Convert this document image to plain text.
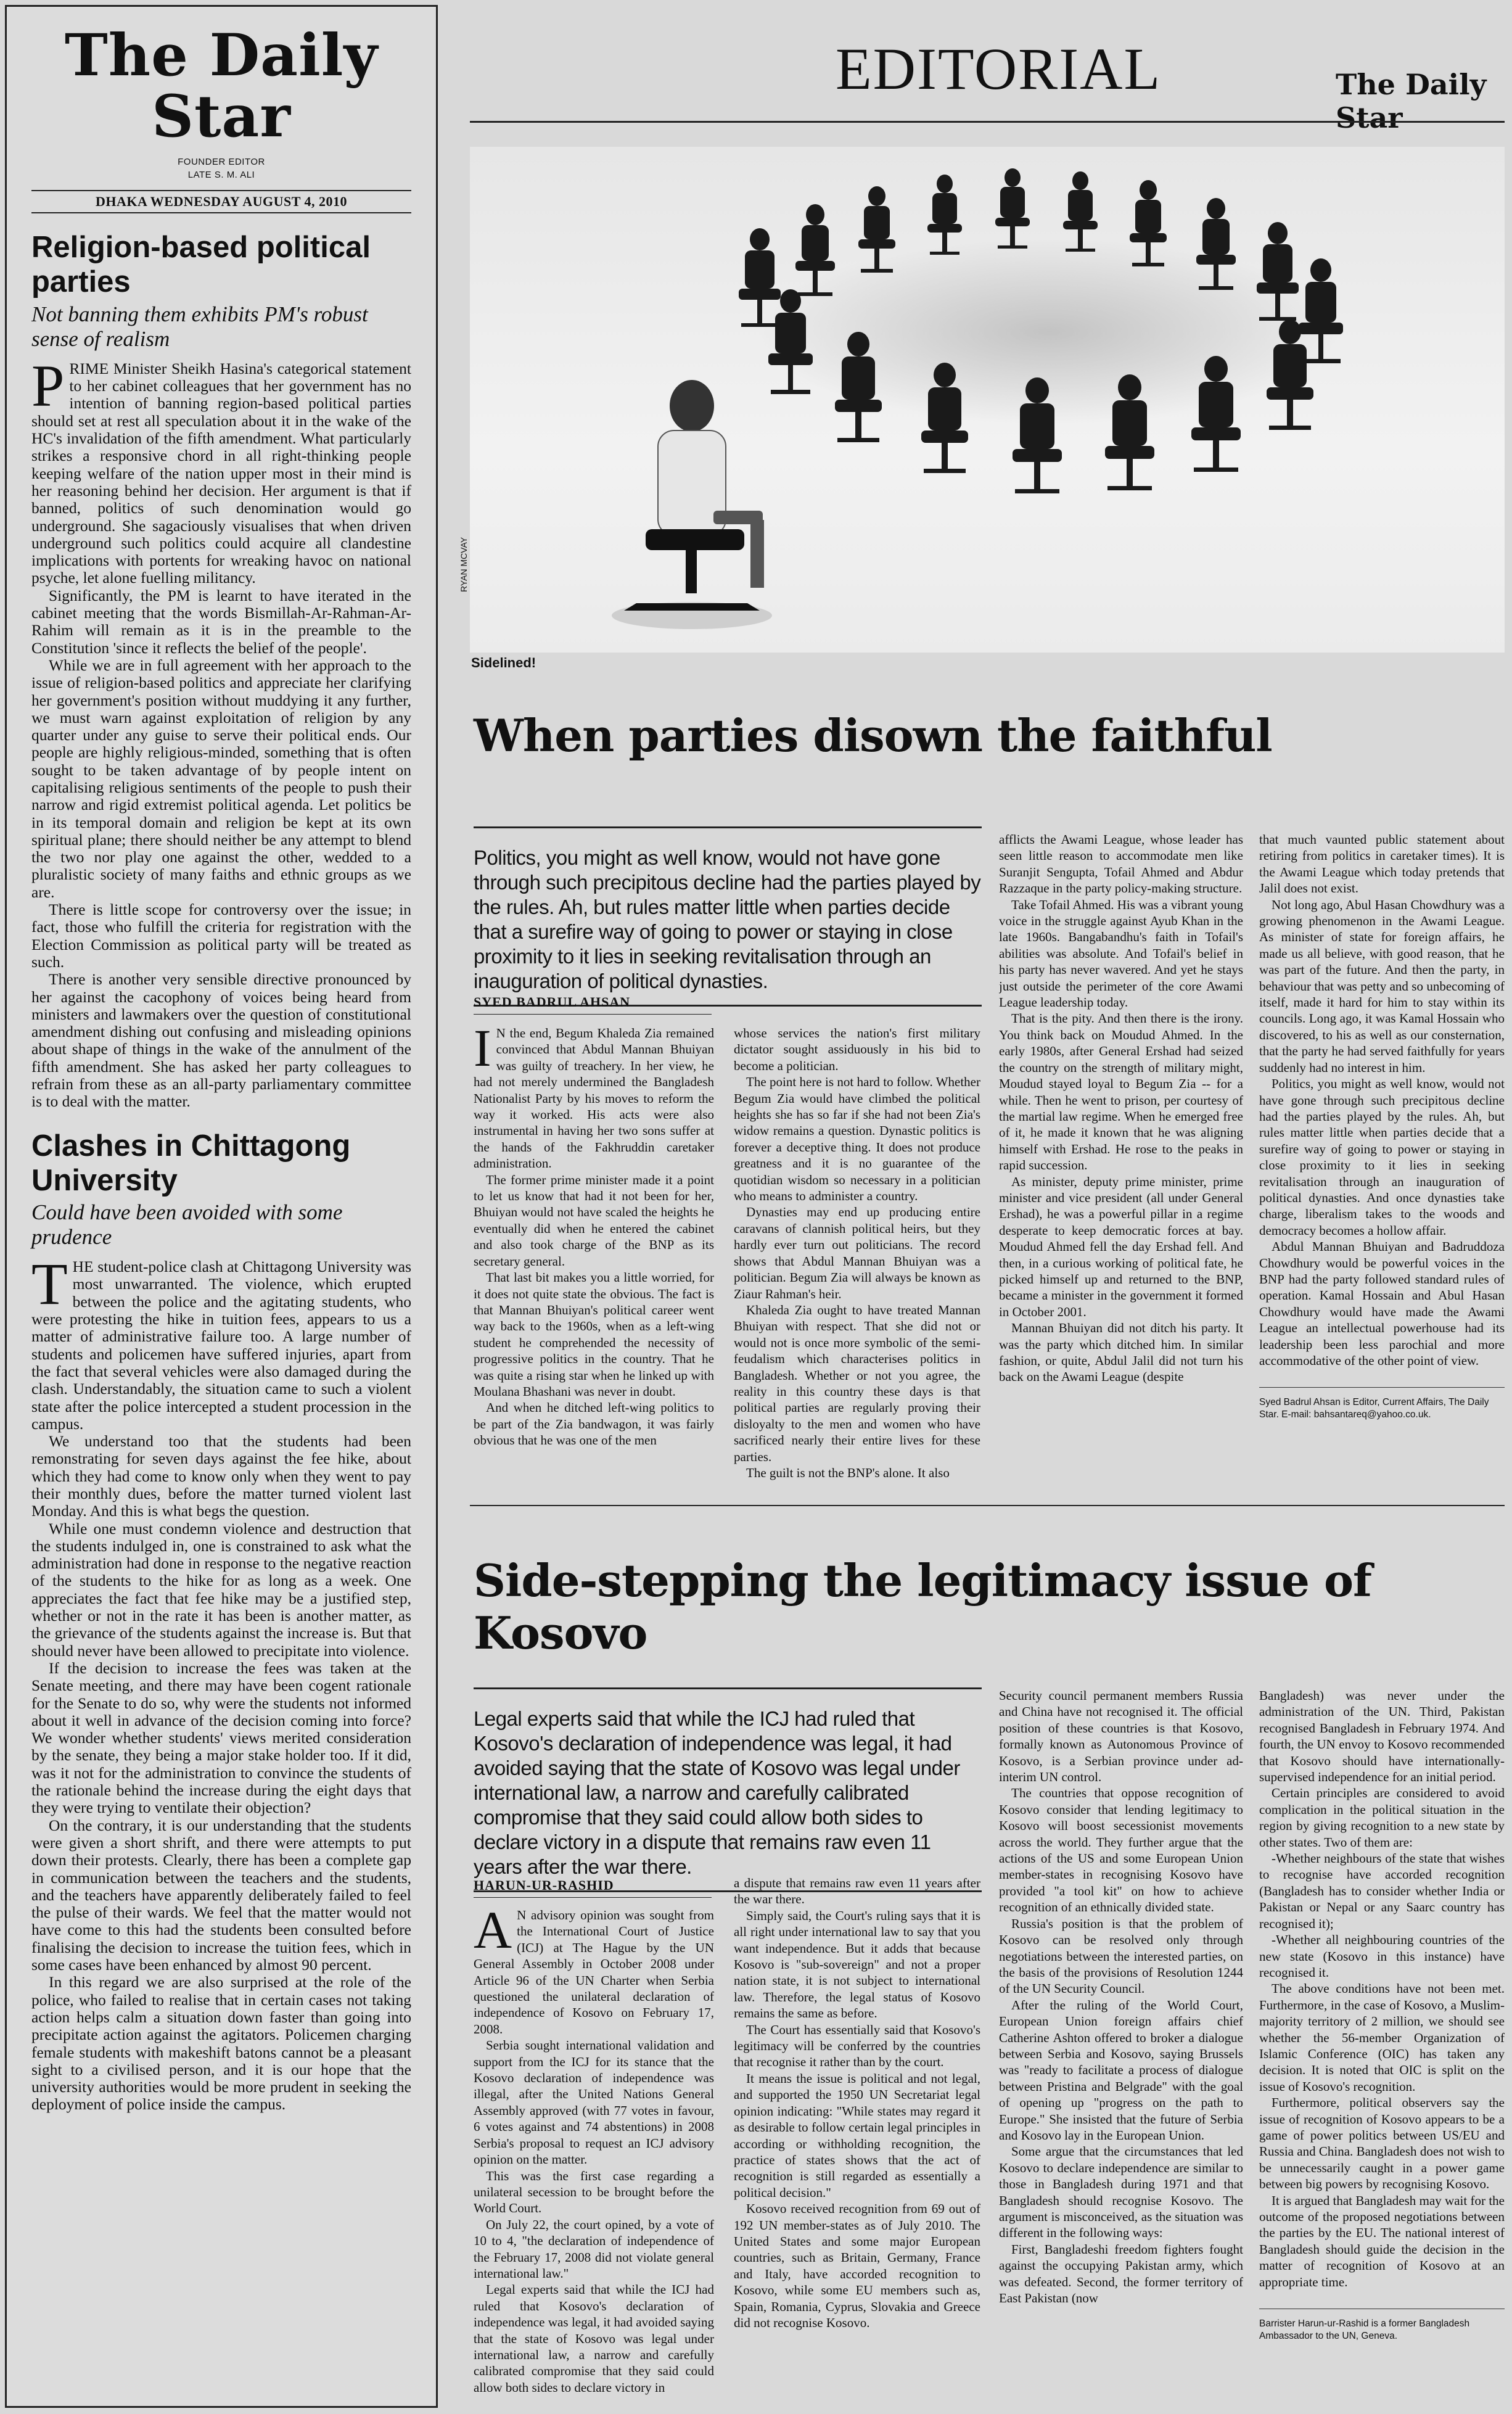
The Daily Star
FOUNDER EDITOR
LATE S. M. ALI
DHAKA WEDNESDAY AUGUST 4, 2010
Religion-based political parties
Not banning them exhibits PM's robust sense of realism

PRIME Minister Sheikh Hasina's categorical statement to her cabinet colleagues that her government has no intention of banning region-based political parties should set at rest all speculation about it in the wake of the HC's invalidation of the fifth amendment. What particularly strikes a responsive chord in all right-thinking people keeping welfare of the nation upper most in their mind is her reasoning behind her decision. Her argument is that if banned, politics of such denomination would go underground. She sagaciously visualises that when driven underground such politics could acquire all clandestine implications with portents for wreaking havoc on national psyche, let alone fuelling militancy.

Significantly, the PM is learnt to have iterated in the cabinet meeting that the words Bismillah-Ar-Rahman-Ar-Rahim will remain as it is in the preamble to the Constitution 'since it reflects the belief of the people'.

While we are in full agreement with her approach to the issue of religion-based politics and appreciate her clarifying her government's position without muddying it any further, we must warn against exploitation of religion by any quarter under any guise to serve their political ends. Our people are highly religious-minded, something that is often sought to be taken advantage of by people intent on capitalising religious sentiments of the people to push their narrow and rigid extremist political agenda. Let politics be in its temporal domain and religion be kept at its own spiritual plane; there should neither be any attempt to blend the two nor play one against the other, wedded to a pluralistic society of many faiths and ethnic groups as we are.

There is little scope for controversy over the issue; in fact, those who fulfill the criteria for registration with the Election Commission as political party will be treated as such.

There is another very sensible directive pronounced by her against the cacophony of voices being heard from ministers and lawmakers over the question of constitutional amendment dishing out confusing and misleading opinions about shape of things in the wake of the annulment of the fifth amendment. She has asked her party colleagues to refrain from these as an all-party parliamentary committee is to deal with the matter.

Clashes in Chittagong University
Could have been avoided with some prudence

THE student-police clash at Chittagong University was most unwarranted. The violence, which erupted between the police and the agitating students, who were protesting the hike in tuition fees, appears to us a matter of administrative failure too. A large number of students and policemen have suffered injuries, apart from the fact that several vehicles were also damaged during the clash. Understandably, the situation came to such a violent state after the police intercepted a student procession in the campus.

We understand too that the students had been remonstrating for seven days against the fee hike, about which they had come to know only when they went to pay their monthly dues, before the matter turned violent last Monday. And this is what begs the question.

While one must condemn violence and destruction that the students indulged in, one is constrained to ask what the administration had done in response to the negative reaction of the students to the hike for as long as a week. One appreciates the fact that fee hike may be a justified step, whether or not in the rate it has been is another matter, as the grievance of the students against the increase is. But that should never have been allowed to precipitate into violence.

If the decision to increase the fees was taken at the Senate meeting, and there may have been cogent rationale for the Senate to do so, why were the students not informed about it well in advance of the decision coming into force? We wonder whether students' views merited consideration by the senate, they being a major stake holder too. If it did, was it not for the administration to convince the students of the rationale behind the increase during the eight days that they were trying to ventilate their objection?

On the contrary, it is our understanding that the students were given a short shrift, and there were attempts to put down their protests. Clearly, there has been a complete gap in communication between the teachers and the students, and the teachers have apparently deliberately failed to feel the pulse of their wards. We feel that the matter would not have come to this had the students been consulted before finalising the decision to increase the tuition fees, which in some cases have been enhanced by almost 90 percent.

In this regard we are also surprised at the role of the police, who failed to realise that in certain cases not taking action helps calm a situation down faster than going into precipitate action against the agitators. Policemen charging female students with makeshift batons cannot be a pleasant sight to a civilised person, and it is our hope that the university authorities would be more prudent in seeking the deployment of police inside the campus.

EDITORIAL	The Daily Star
RYAN MCVAY
Sidelined!
When parties disown the faithful
Politics, you might as well know, would not have gone through such precipitous decline had the parties played by the rules. Ah, but rules matter little when parties decide that a surefire way of going to power or staying in close proximity to it lies in seeking revitalisation through an inauguration of political dynasties.
SYED BADRUL AHSAN

I N the end, Begum Khaleda Zia remained convinced that Abdul Mannan Bhuiyan was guilty of treachery. In her view, he had not merely undermined the Bangladesh Nationalist Party by his moves to reform the way it worked. His acts were also instrumental in having her two sons suffer at the hands of the Fakhruddin caretaker administration.

The former prime minister made it a point to let us know that had it not been for her, Bhuiyan would not have scaled the heights he eventually did when he entered the cabinet and also took charge of the BNP as its secretary general.

That last bit makes you a little worried, for it does not quite state the obvious. The fact is that Mannan Bhuiyan's political career went way back to the 1960s, when as a left-wing student he comprehended the necessity of progressive politics in the country. That he was quite a rising star when he linked up with Moulana Bhashani was never in doubt.

And when he ditched left-wing politics to be part of the Zia bandwagon, it was fairly obvious that he was one of the men

whose services the nation's first military dictator sought assiduously in his bid to become a politician.

The point here is not hard to follow. Whether Begum Zia would have climbed the political heights she has so far if she had not been Zia's widow remains a question. Dynastic politics is forever a deceptive thing. It does not produce greatness and it is no guarantee of the quotidian wisdom so necessary in a politician who means to administer a country.

Dynasties may end up producing entire caravans of clannish political heirs, but they hardly ever turn out politicians. The record shows that Abdul Mannan Bhuiyan was a politician. Begum Zia will always be known as Ziaur Rahman's heir.

Khaleda Zia ought to have treated Mannan Bhuiyan with respect. That she did not or would not is once more symbolic of the semi-feudalism which characterises politics in Bangladesh. Whether or not you agree, the reality in this country these days is that political parties are regularly proving their disloyalty to the men and women who have sacrificed nearly their entire lives for these parties.

The guilt is not the BNP's alone. It also

afflicts the Awami League, whose leader has seen little reason to accommodate men like Suranjit Sengupta, Tofail Ahmed and Abdur Razzaque in the party policy-making structure.

Take Tofail Ahmed. His was a vibrant young voice in the struggle against Ayub Khan in the late 1960s. Bangabandhu's faith in Tofail's abilities was absolute. And Tofail's belief in his party has never wavered. And yet he stays just outside the perimeter of the core Awami League leadership today.

That is the pity. And then there is the irony. You think back on Moudud Ahmed. In the early 1980s, after General Ershad had seized the country on the strength of military might, Moudud stayed loyal to Begum Zia -- for a while. Then he went to prison, per courtesy of the martial law regime. When he emerged free of it, he made it known that he was aligning himself with Ershad. He rose to the peaks in rapid succession.

As minister, deputy prime minister, prime minister and vice president (all under General Ershad), he was a powerful pillar in a regime desperate to keep democratic forces at bay. Moudud Ahmed fell the day Ershad fell. And then, in a curious working of political fate, he picked himself up and returned to the BNP, became a minister in the government it formed in October 2001.

Mannan Bhuiyan did not ditch his party. It was the party which ditched him. In similar fashion, or quite, Abdul Jalil did not turn his back on the Awami League (despite

that much vaunted public statement about retiring from politics in caretaker times). It is the Awami League which today pretends that Jalil does not exist.

Not long ago, Abul Hasan Chowdhury was a growing phenomenon in the Awami League. As minister of state for foreign affairs, he made us all believe, with good reason, that he was part of the future. And then the party, in behaviour that was petty and so unbecoming of itself, made it hard for him to stay within its councils. Long ago, it was Kamal Hossain who discovered, to his as well as our consternation, that the party he had served faithfully for years suddenly had no interest in him.

Politics, you might as well know, would not have gone through such precipitous decline had the parties played by the rules. Ah, but rules matter little when parties decide that a surefire way of going to power or staying in close proximity to it lies in seeking revitalisation through an inauguration of political dynasties. And once dynasties take charge, liberalism takes to the woods and democracy becomes a hollow affair.

Abdul Mannan Bhuiyan and Badruddoza Chowdhury would be powerful voices in the BNP had the party followed standard rules of operation. Kamal Hossain and Abul Hasan Chowdhury would have made the Awami League an intellectual powerhouse had its leadership been less parochial and more accommodative of the other point of view.

Syed Badrul Ahsan is Editor, Current Affairs, The Daily Star. E-mail: bahsantareq@yahoo.co.uk.

Side-stepping the legitimacy issue of Kosovo
Legal experts said that while the ICJ had ruled that Kosovo's declaration of independence was legal, it had avoided saying that the state of Kosovo was legal under international law, a narrow and carefully calibrated compromise that they said could allow both sides to declare victory in a dispute that remains raw even 11 years after the war there.
HARUN-UR-RASHID

A N advisory opinion was sought from the International Court of Justice (ICJ) at The Hague by the UN General Assembly in October 2008 under Article 96 of the UN Charter when Serbia questioned the unilateral declaration of independence of Kosovo on February 17, 2008.

Serbia sought international validation and support from the ICJ for its stance that the Kosovo declaration of independence was illegal, after the United Nations General Assembly approved (with 77 votes in favour, 6 votes against and 74 abstentions) in 2008 Serbia's proposal to request an ICJ advisory opinion on the matter.

This was the first case regarding a unilateral secession to be brought before the World Court.

On July 22, the court opined, by a vote of 10 to 4, "the declaration of independence of the February 17, 2008 did not violate general international law."

Legal experts said that while the ICJ had ruled that Kosovo's declaration of independence was legal, it had avoided saying that the state of Kosovo was legal under international law, a narrow and carefully calibrated compromise that they said could allow both sides to declare victory in

a dispute that remains raw even 11 years after the war there.

Simply said, the Court's ruling says that it is all right under international law to say that you want independence. But it adds that because Kosovo is "sub-sovereign" and not a proper nation state, it is not subject to international law. Therefore, the legal status of Kosovo remains the same as before.

The Court has essentially said that Kosovo's legitimacy will be conferred by the countries that recognise it rather than by the court.

It means the issue is political and not legal, and supported the 1950 UN Secretariat legal opinion indicating: "While states may regard it as desirable to follow certain legal principles in according or withholding recognition, the practice of states shows that the act of recognition is still regarded as essentially a political decision."

Kosovo received recognition from 69 out of 192 UN member-states as of July 2010. The United States and some major European countries, such as Britain, Germany, France and Italy, have accorded recognition to Kosovo, while some EU members such as, Spain, Romania, Cyprus, Slovakia and Greece did not recognise Kosovo.

Security council permanent members Russia and China have not recognised it. The official position of these countries is that Kosovo, formally known as Autonomous Province of Kosovo, is a Serbian province under ad-interim UN control.

The countries that oppose recognition of Kosovo consider that lending legitimacy to Kosovo will boost secessionist movements across the world. They further argue that the actions of the US and some European Union member-states in recognising Kosovo have provided "a tool kit" on how to achieve recognition of an ethnically divided state.

Russia's position is that the problem of Kosovo can be resolved only through negotiations between the interested parties, on the basis of the provisions of Resolution 1244 of the UN Security Council.

After the ruling of the World Court, European Union foreign affairs chief Catherine Ashton offered to broker a dialogue between Serbia and Kosovo, saying Brussels was "ready to facilitate a process of dialogue between Pristina and Belgrade" with the goal of opening up "progress on the path to Europe." She insisted that the future of Serbia and Kosovo lay in the European Union.

Some argue that the circumstances that led Kosovo to declare independence are similar to those in Bangladesh during 1971 and that Bangladesh should recognise Kosovo. The argument is misconceived, as the situation was different in the following ways:

First, Bangladeshi freedom fighters fought against the occupying Pakistan army, which was defeated. Second, the former territory of East Pakistan (now

Bangladesh) was never under the administration of the UN. Third, Pakistan recognised Bangladesh in February 1974. And fourth, the UN envoy to Kosovo recommended that Kosovo should have internationally-supervised independence for an initial period.

Certain principles are considered to avoid complication in the political situation in the region by giving recognition to a new state by other states. Two of them are:

-Whether neighbours of the state that wishes to recognise have accorded recognition (Bangladesh has to consider whether India or Pakistan or Nepal or any Saarc country has recognised it);

-Whether all neighbouring countries of the new state (Kosovo in this instance) have recognised it.

The above conditions have not been met. Furthermore, in the case of Kosovo, a Muslim-majority territory of 2 million, we should see whether the 56-member Organization of Islamic Conference (OIC) has taken any decision. It is noted that OIC is split on the issue of Kosovo's recognition.

Furthermore, political observers say the issue of recognition of Kosovo appears to be a game of power politics between US/EU and Russia and China. Bangladesh does not wish to be unnecessarily caught in a power game between big powers by recognising Kosovo.

It is argued that Bangladesh may wait for the outcome of the proposed negotiations between the parties by the EU. The national interest of Bangladesh should guide the decision in the matter of recognition of Kosovo at an appropriate time.

Barrister Harun-ur-Rashid is a former Bangladesh Ambassador to the UN, Geneva.
